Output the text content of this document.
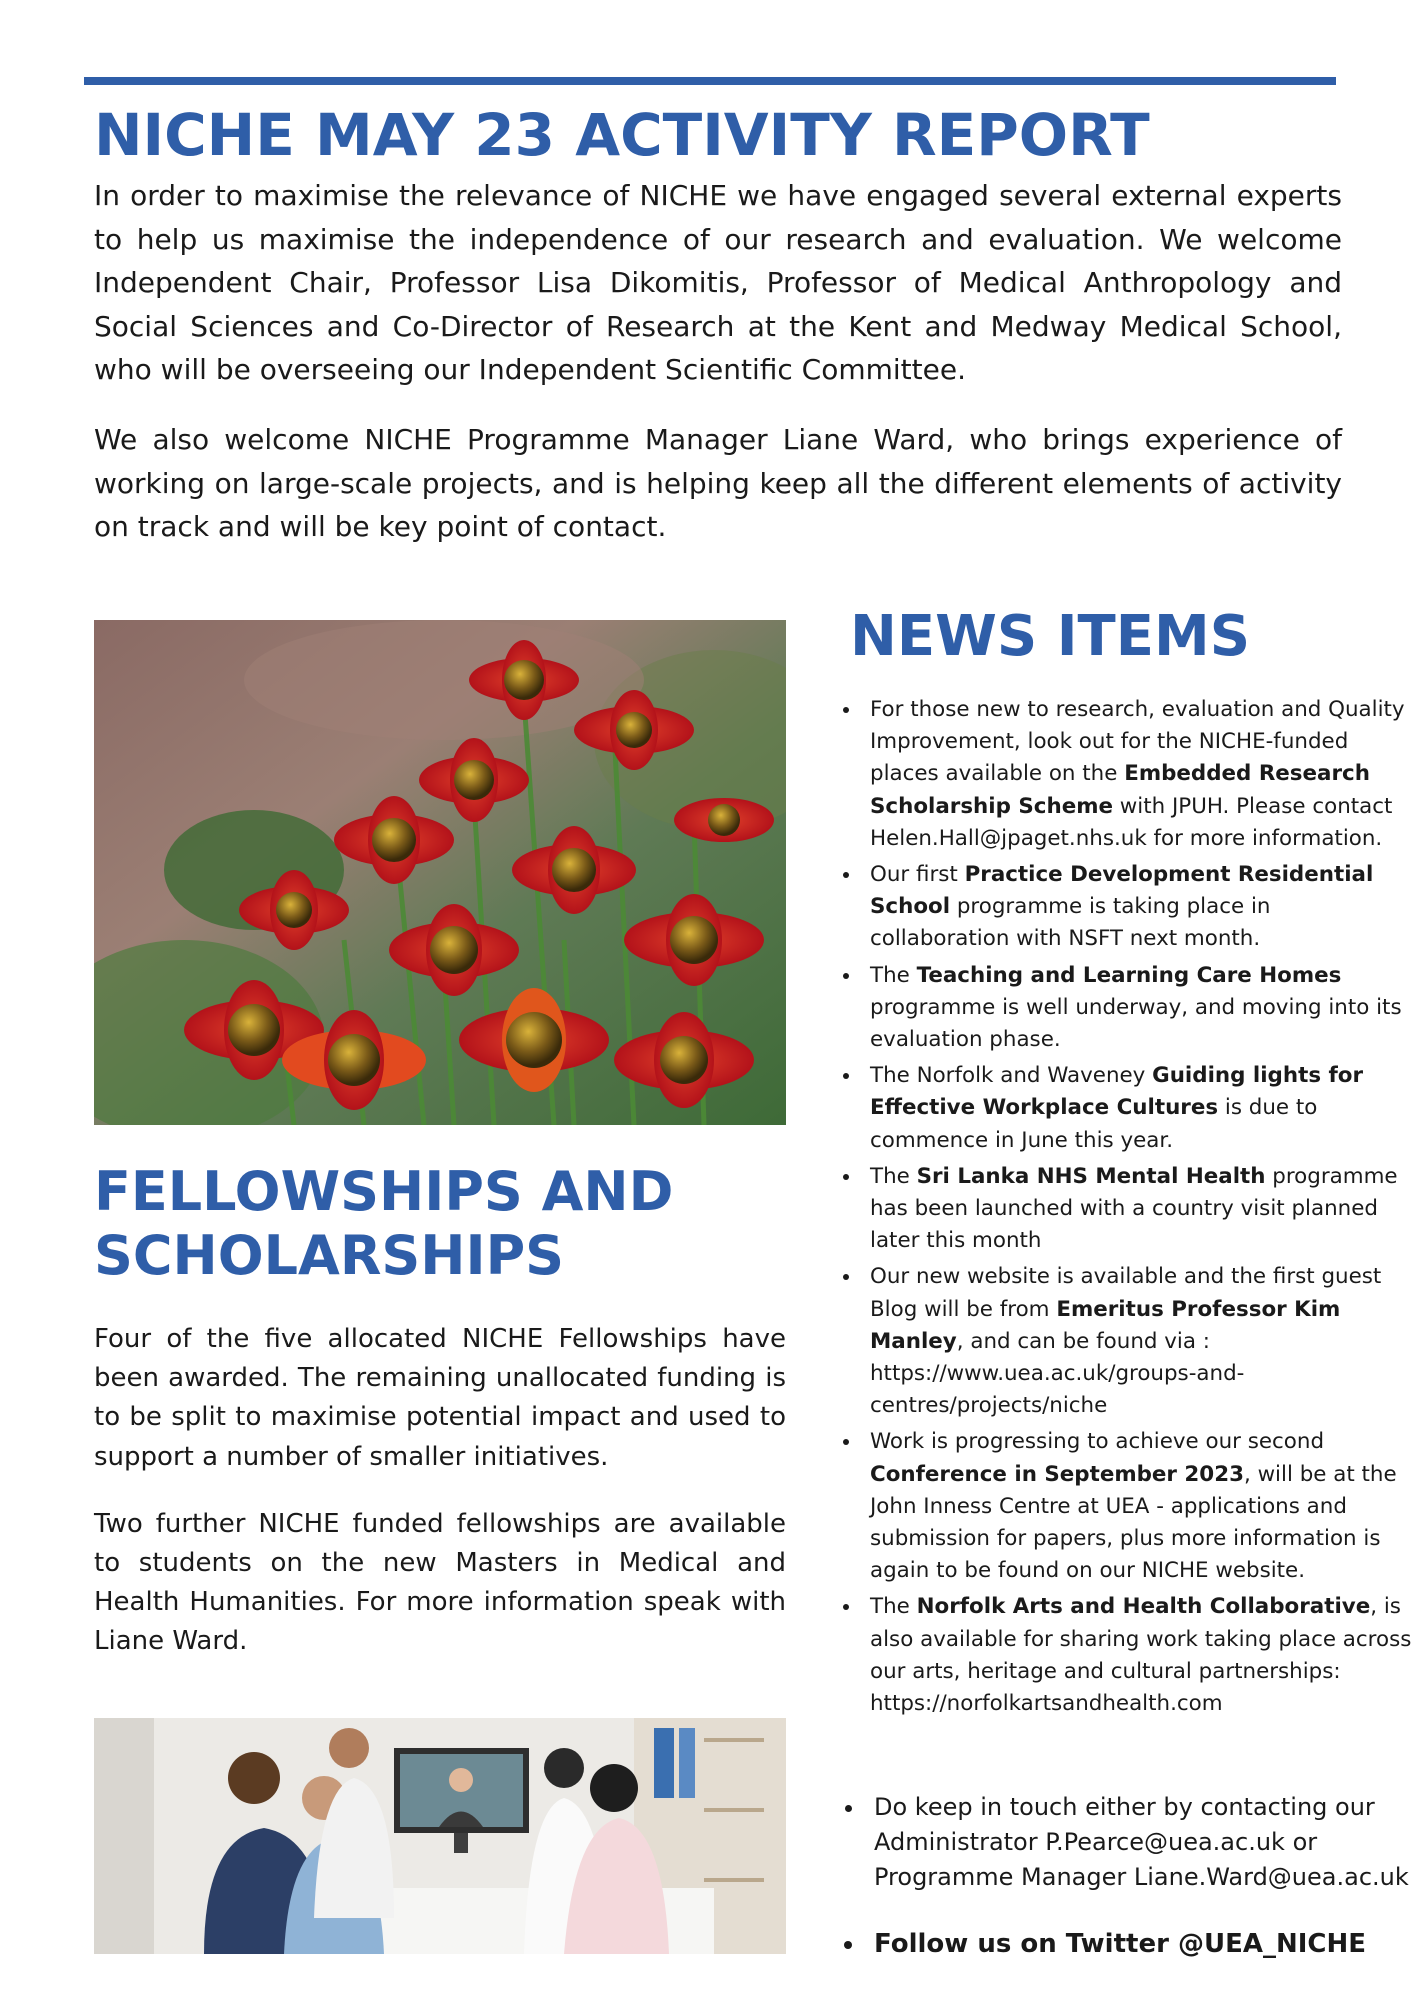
NICHE MAY 23 ACTIVITY REPORT

In order to maximise the relevance of NICHE we have engaged several external experts to help us maximise the independence of our research and evaluation. We welcome Independent Chair, Professor Lisa Dikomitis, Professor of Medical Anthropology and Social Sciences and Co-Director of Research at the Kent and Medway Medical School, who will be overseeing our Independent Scientific Committee.

We also welcome NICHE Programme Manager Liane Ward, who brings experience of working on large-scale projects, and is helping keep all the different elements of activity on track and will be key point of contact.

NEWS ITEMS
• For those new to research, evaluation and Quality Improvement, look out for the NICHE-funded places available on the Embedded Research Scholarship Scheme with JPUH. Please contact Helen.Hall@jpaget.nhs.uk for more information.
• Our first Practice Development Residential School programme is taking place in collaboration with NSFT next month.
• The Teaching and Learning Care Homes programme is well underway, and moving into its evaluation phase.
• The Norfolk and Waveney Guiding lights for Effective Workplace Cultures is due to commence in June this year.
• The Sri Lanka NHS Mental Health programme has been launched with a country visit planned later this month
• Our new website is available and the first guest Blog will be from Emeritus Professor Kim Manley, and can be found via : https://www.uea.ac.uk/groups-and-centres/projects/niche
• Work is progressing to achieve our second Conference in September 2023, will be at the John Inness Centre at UEA - applications and submission for papers, plus more information is again to be found on our NICHE website.
• The Norfolk Arts and Health Collaborative, is also available for sharing work taking place across our arts, heritage and cultural partnerships: https://norfolkartsandhealth.com
FELLOWSHIPS AND SCHOLARSHIPS

Four of the five allocated NICHE Fellowships have been awarded. The remaining unallocated funding is to be split to maximise potential impact and used to support a number of smaller initiatives.

Two further NICHE funded fellowships are available to students on the new Masters in Medical and Health Humanities. For more information speak with Liane Ward.

• Do keep in touch either by contacting our Administrator P.Pearce@uea.ac.uk or Programme Manager Liane.Ward@uea.ac.uk
• Follow us on Twitter @UEA_NICHE
